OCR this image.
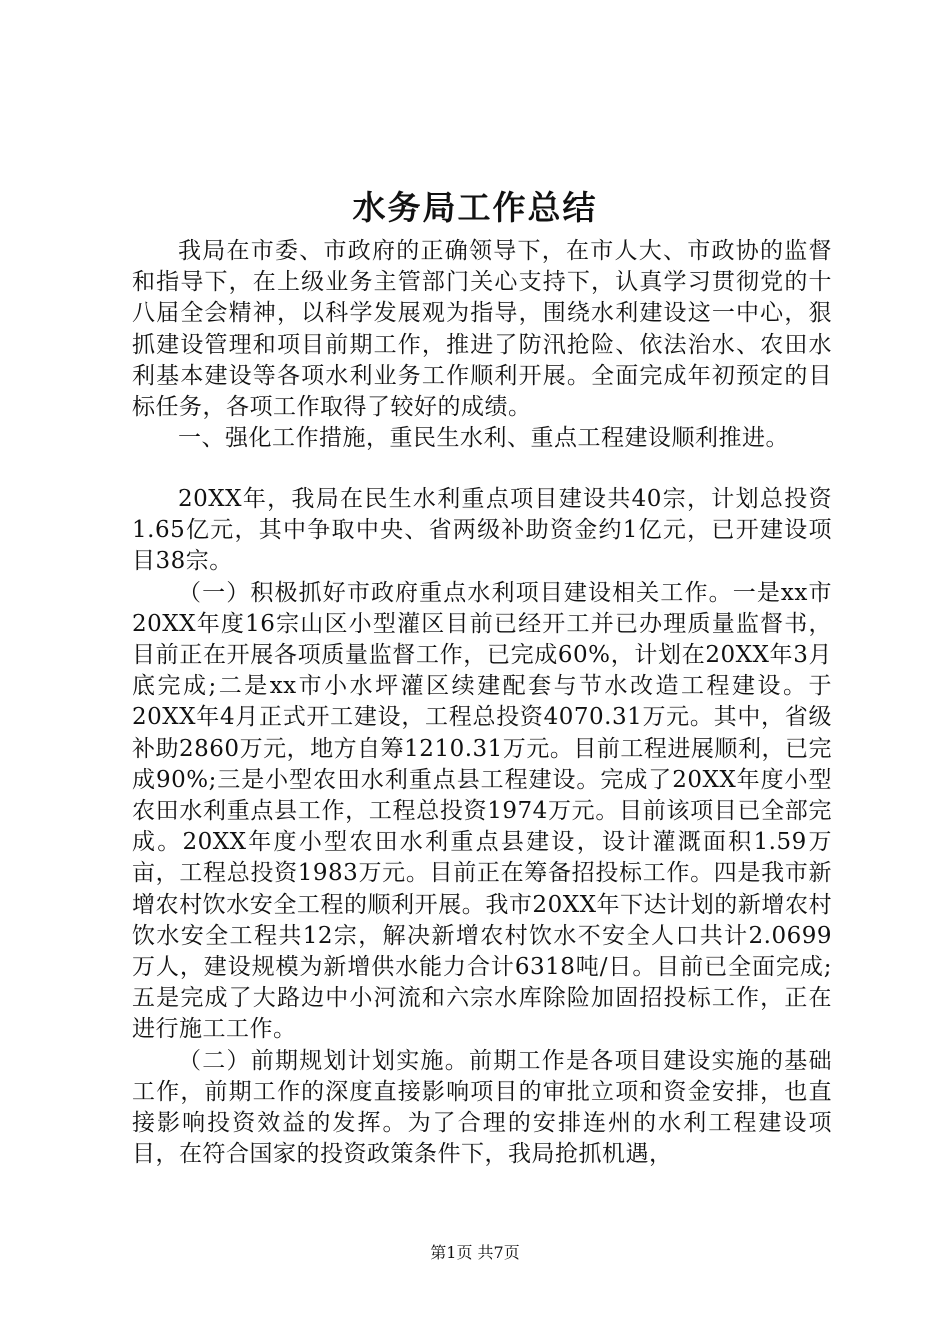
水务局工作总结

我局在市委、市政府的正确领导下，在市人大、市政协的监督和指导下，在上级业务主管部门关心支持下，认真学习贯彻党的十八届全会精神，以科学发展观为指导，围绕水利建设这一中心，狠抓建设管理和项目前期工作，推进了防汛抢险、依法治水、农田水利基本建设等各项水利业务工作顺利开展。全面完成年初预定的目标任务，各项工作取得了较好的成绩。

一、强化工作措施，重民生水利、重点工程建设顺利推进。

20XX年，我局在民生水利重点项目建设共40宗，计划总投资1.65亿元，其中争取中央、省两级补助资金约1亿元，已开建设项目38宗。

（一）积极抓好市政府重点水利项目建设相关工作。一是xx市20XX年度16宗山区小型灌区目前已经开工并已办理质量监督书，目前正在开展各项质量监督工作，已完成60%，计划在20XX年3月底完成;二是xx市小水坪灌区续建配套与节水改造工程建设。于20XX年4月正式开工建设，工程总投资4070.31万元。其中，省级补助2860万元，地方自筹1210.31万元。目前工程进展顺利，已完成90%;三是小型农田水利重点县工程建设。完成了20XX年度小型农田水利重点县工作，工程总投资1974万元。目前该项目已全部完成。20XX年度小型农田水利重点县建设，设计灌溉面积1.59万亩，工程总投资1983万元。目前正在筹备招投标工作。四是我市新增农村饮水安全工程的顺利开展。我市20XX年下达计划的新增农村饮水安全工程共12宗，解决新增农村饮水不安全人口共计2.0699万人，建设规模为新增供水能力合计6318吨/日。目前已全面完成;五是完成了大路边中小河流和六宗水库除险加固招投标工作，正在进行施工工作。

（二）前期规划计划实施。前期工作是各项目建设实施的基础工作，前期工作的深度直接影响项目的审批立项和资金安排，也直接影响投资效益的发挥。为了合理的安排连州的水利工程建设项目，在符合国家的投资政策条件下，我局抢抓机遇，

第1页 共7页
